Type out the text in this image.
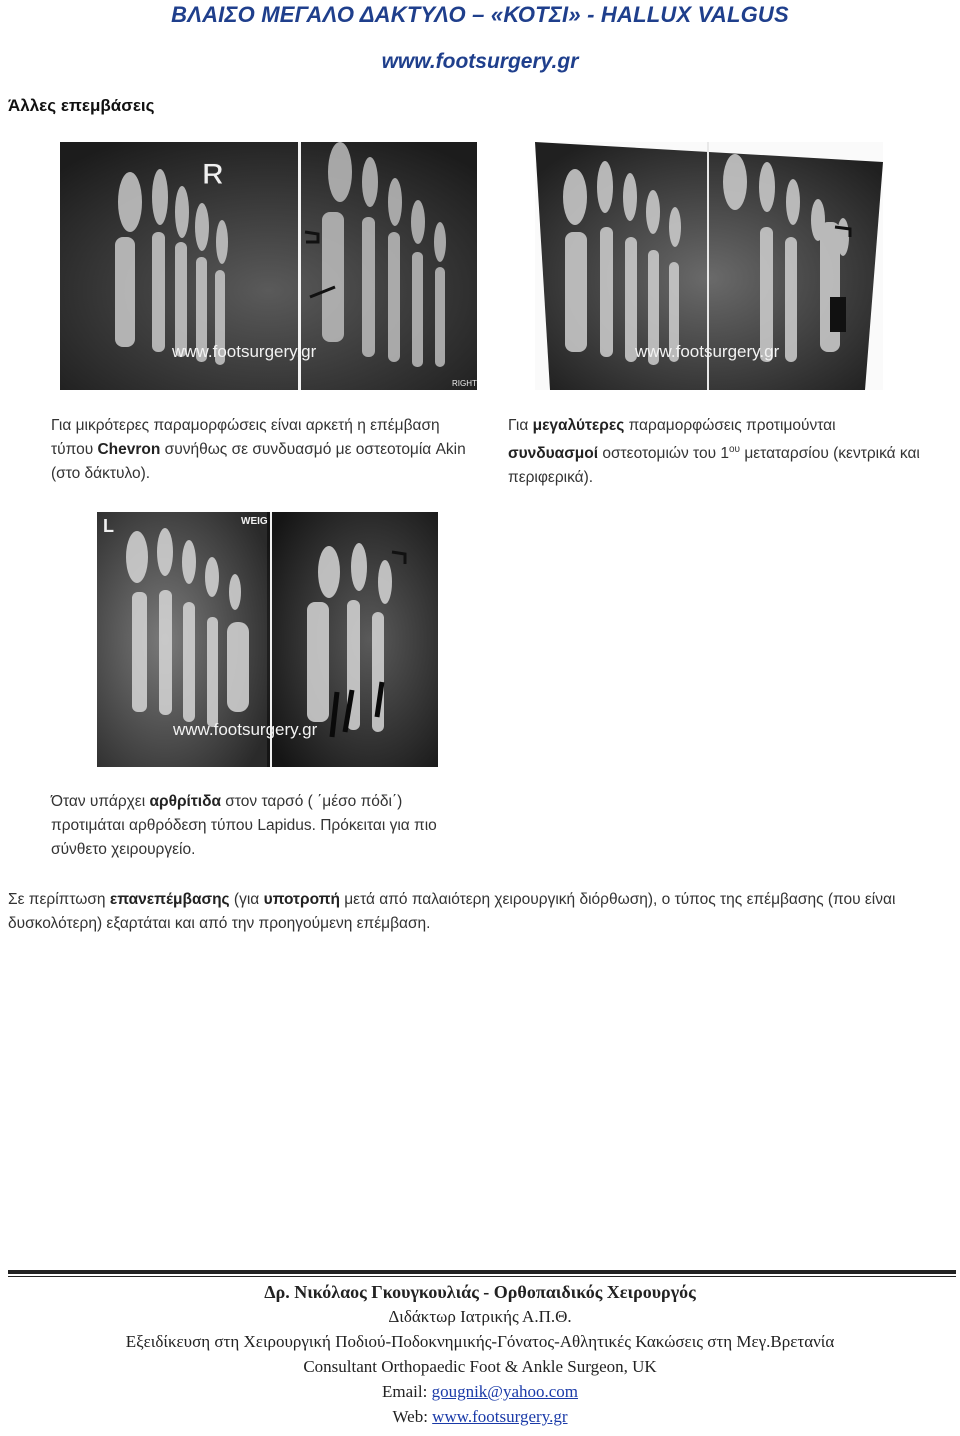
ΒΛΑΙΣΟ ΜΕΓΑΛΟ ΔΑΚΤΥΛΟ – «ΚΟΤΣΙ» - HALLUX VALGUS
www.footsurgery.gr
Άλλες επεμβάσεις
R
RIGHT
www.footsurgery.gr	www.footsurgery.gr
Για μικρότερες παραμορφώσεις είναι αρκετή η επέμβαση τύπου Chevron συνήθως σε συνδυασμό με οστεοτομία Akin (στο δάκτυλο).
Για μεγαλύτερες παραμορφώσεις προτιμούνται συνδυασμοί οστεοτομιών του $1^{o\upsilon}$ μεταταρσίου (κεντρικά και περιφερικά).
L	WEIG
www.footsurgery.gr
Όταν υπάρχει αρθρίτιδα στον ταρσό ( ΄μέσο πόδι΄) προτιμάται αρθρόδεση τύπου Lapidus. Πρόκειται για πιο σύνθετο χειρουργείο.
Σε περίπτωση επανεπέμβασης (για υποτροπή μετά από παλαιότερη χειρουργική διόρθωση), ο τύπος της επέμβασης (που είναι δυσκολότερη) εξαρτάται και από την προηγούμενη επέμβαση.
Δρ. Νικόλαος Γκουγκουλιάς - Ορθοπαιδικός Χειρουργός
Διδάκτωρ Ιατρικής Α.Π.Θ.
Εξειδίκευση στη Χειρουργική Ποδιού-Ποδοκνημικής-Γόνατος-Αθλητικές Κακώσεις στη Μεγ.Βρετανία
Consultant Orthopaedic Foot & Ankle Surgeon, UK
Email: gougnik@yahoo.com
Web: www.footsurgery.gr
